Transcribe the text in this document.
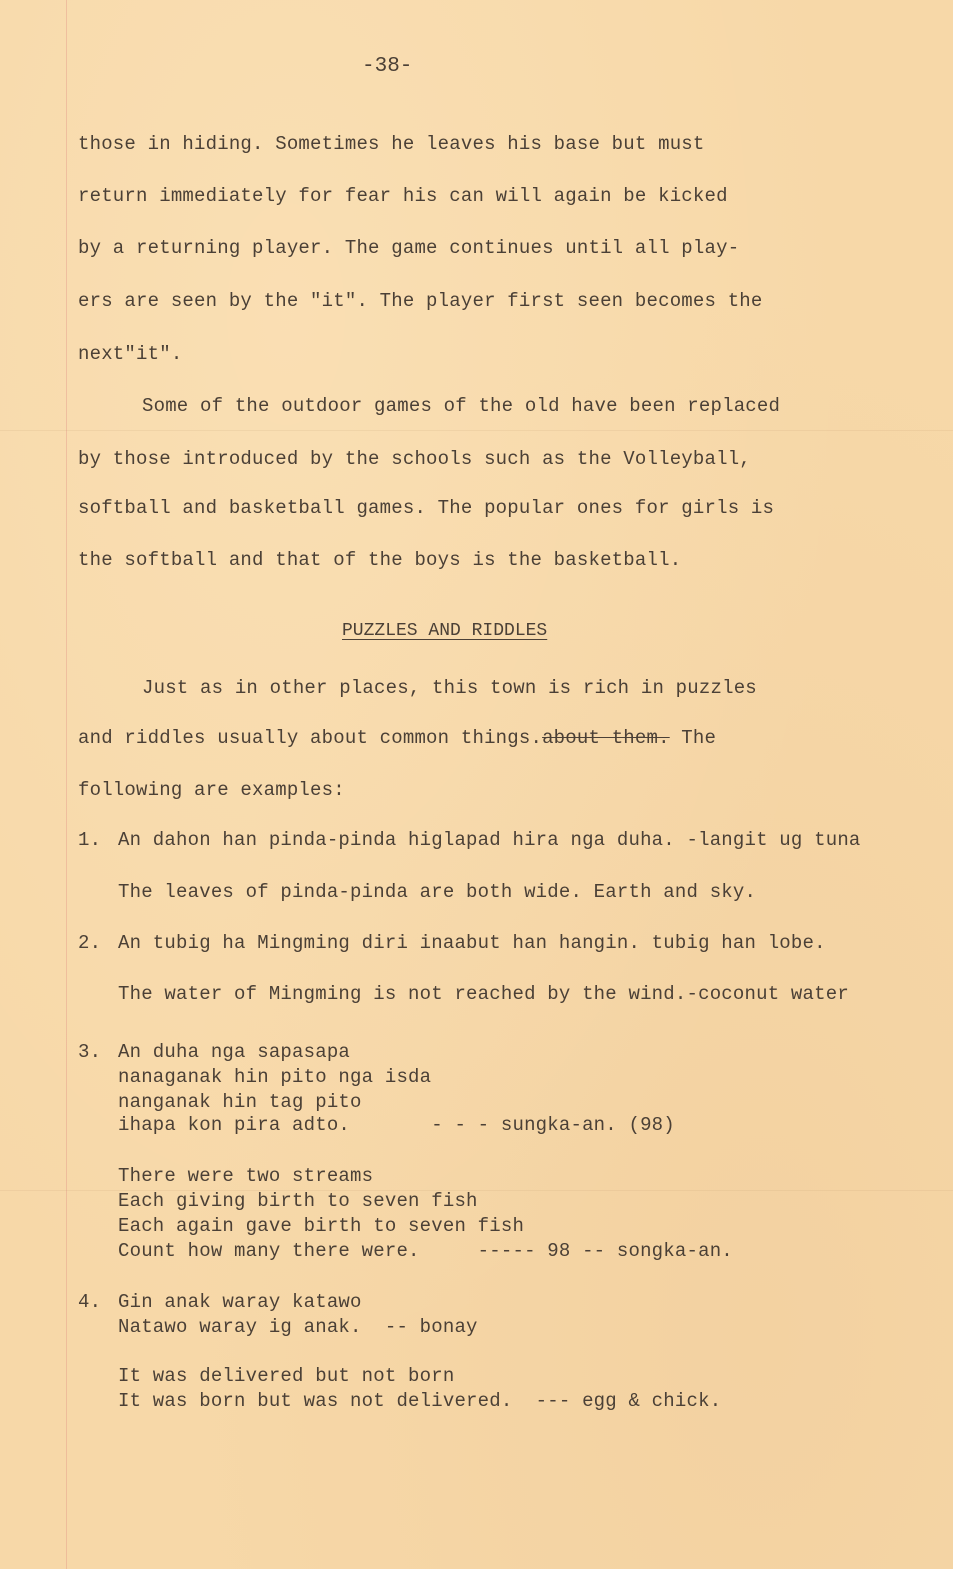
-38-
those in hiding. Sometimes he leaves his base but must
return immediately for fear his can will again be kicked
by a returning player. The game continues until all play-
ers are seen by the "it". The player first seen becomes the
next"it".
Some of the outdoor games of the old have been replaced
by those introduced by the schools such as the Volleyball,
softball and basketball games. The popular ones for girls is
the softball and that of the boys is the basketball.
PUZZLES AND RIDDLES
Just as in other places, this town is rich in puzzles
and riddles usually about common things.about them. The
following are examples:
1. An dahon han pinda-pinda higlapad hira nga duha. -langit ug tuna
The leaves of pinda-pinda are both wide. Earth and sky.
2. An tubig ha Mingming diri inaabut han hangin. tubig han lobe.
The water of Mingming is not reached by the wind.-coconut water
3. An duha nga sapasapa
nanaganak hin pito nga isda
nanganak hin tag pito
ihapa kon pira adto.       - - - sungka-an. (98)
There were two streams
Each giving birth to seven fish
Each again gave birth to seven fish
Count how many there were.     ----- 98 -- songka-an.
4. Gin anak waray katawo
Natawo waray ig anak.  -- bonay
It was delivered but not born
It was born but was not delivered.  --- egg & chick.
